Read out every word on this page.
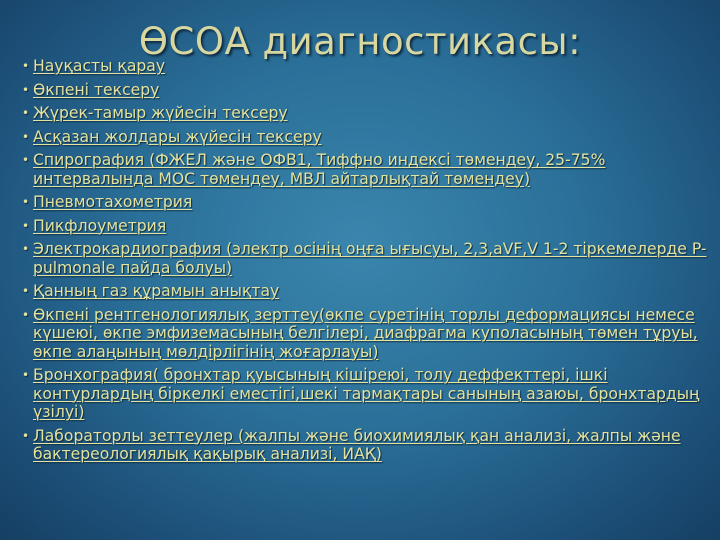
ӨСОА диагностикасы:
• Науқасты қарау
• Өкпені тексеру
• Жүрек-тамыр жүйесін тексеру
• Асқазан жолдары жүйесін тексеру
• Спирография (ФЖЕЛ және ОФВ1, Тиффно индексі төмендеу, 25-75% интервалында МОС төмендеу, МВЛ айтарлықтай төмендеу)
• Пневмотахометрия
• Пикфлоуметрия
• Электрокардиография (электр осінің оңға ығысуы, 2,3,aVF,V 1-2 тіркемелерде P-pulmonale пайда болуы)
• Қанның газ құрамын анықтау
• Өкпені рентгенологиялық зерттеу(өкпе суретінің торлы деформациясы немесе күшеюі, өкпе эмфиземасының белгілері, диафрагма куполасының төмен тұруы, өкпе алаңының мөлдірлігінің жоғарлауы)
• Бронхография( бронхтар қуысының кішіреюі, толу деффекттері, ішкі контурлардың біркелкі еместігі,шекі тармақтары санының азаюы, бронхтардың үзілуі)
• Лабораторлы зеттеулер (жалпы және биохимиялық қан анализі, жалпы және бактереологиялық қақырық анализі, ИАҚ)
